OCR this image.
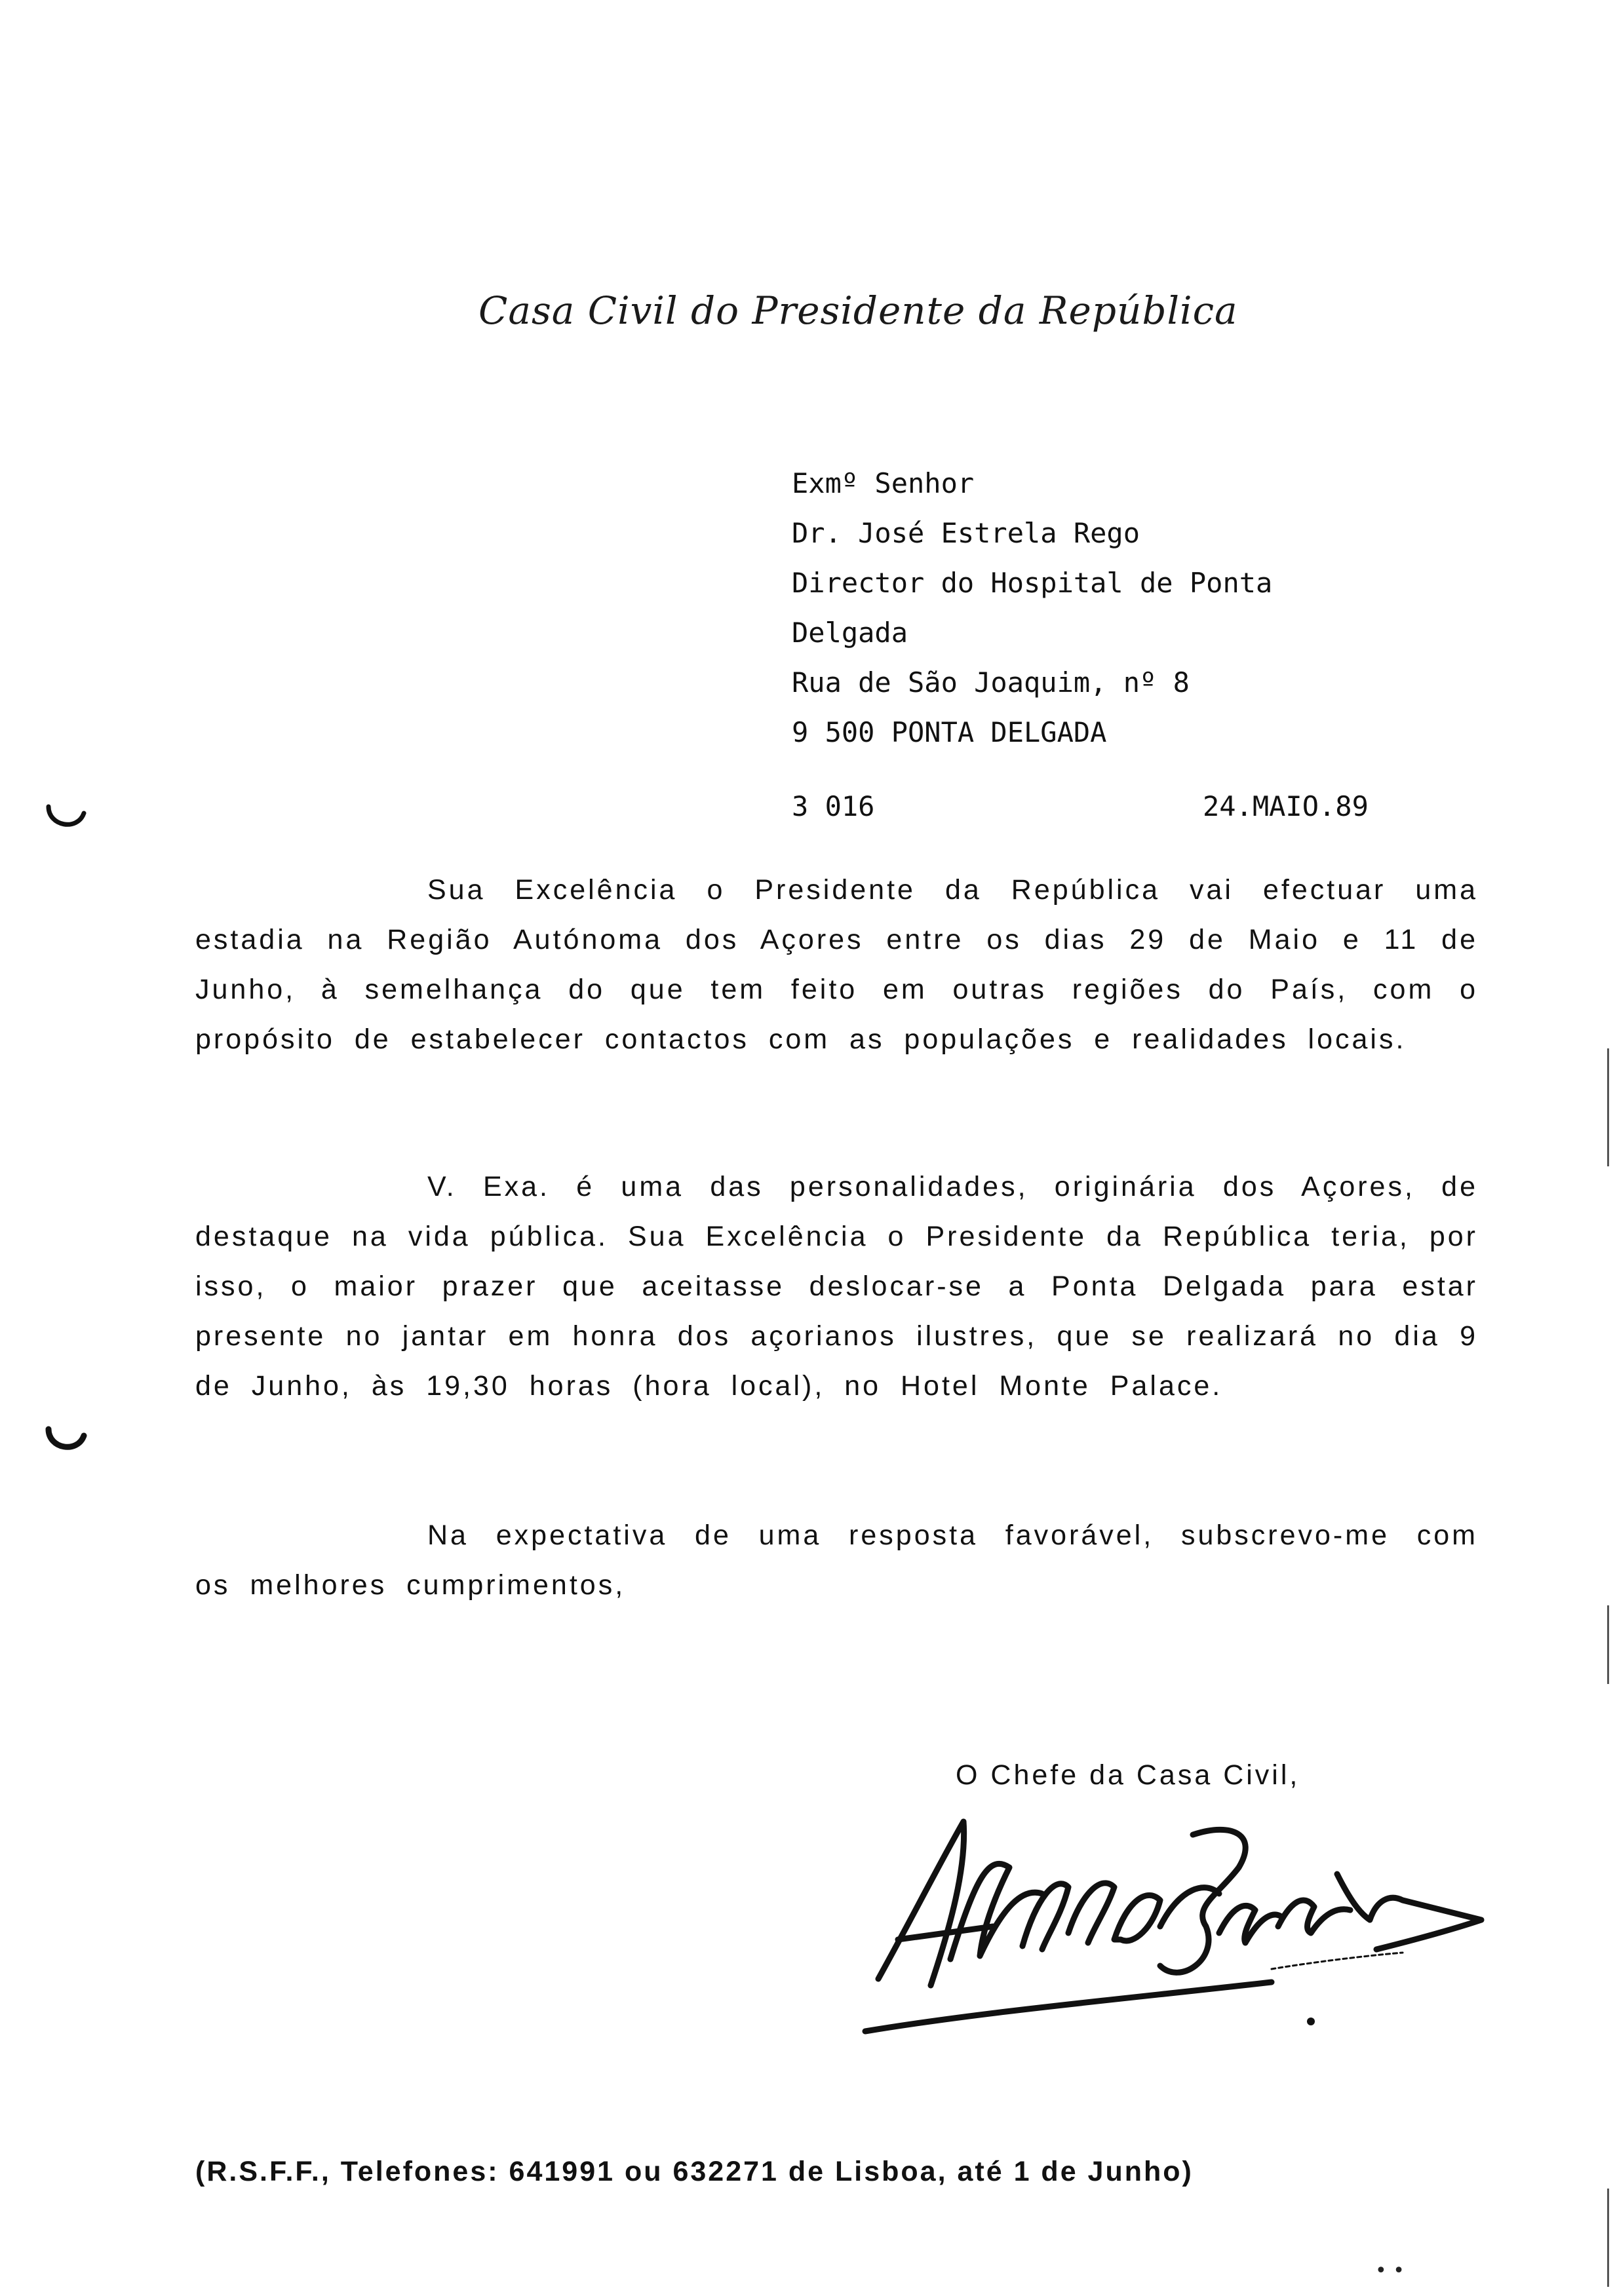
Casa Civil do Presidente da República
Exmº Senhor
Dr. José Estrela Rego
Director do Hospital de Ponta
Delgada
Rua de São Joaquim, nº 8
9 500 PONTA DELGADA
3 016	24.MAIO.89

Sua Excelência o Presidente da República vai efectuar uma estadia na Região Autónoma dos Açores entre os dias 29 de Maio e 11 de Junho, à semelhança do que tem feito em outras regiões do País, com o propósito de estabelecer contactos com as populações e realidades locais.

V. Exa. é uma das personalidades, originária dos Açores, de destaque na vida pública. Sua Excelência o Presidente da República teria, por isso, o maior prazer que aceitasse deslocar-se a Ponta Delgada para estar presente no jantar em honra dos açorianos ilustres, que se realizará no dia 9 de Junho, às 19,30 horas (hora local), no Hotel Monte Palace.

Na expectativa de uma resposta favorável, subscrevo-me com os melhores cumprimentos,

O Chefe da Casa Civil,
(R.S.F.F., Telefones: 641991 ou 632271 de Lisboa, até 1 de Junho)
• •
